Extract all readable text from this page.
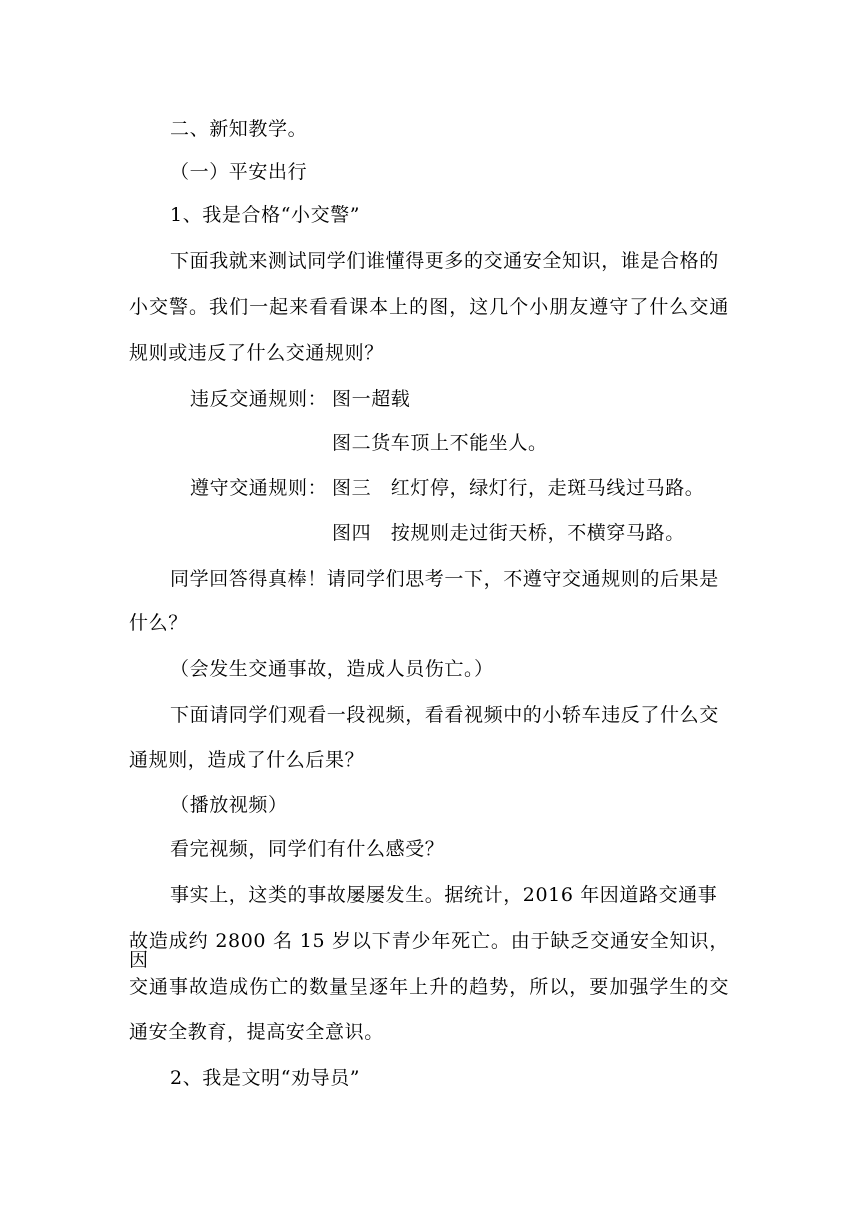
二、新知教学。
（一）平安出行
1、我是合格“小交警”
下面我就来测试同学们谁懂得更多的交通安全知识，谁是合格的
小交警。我们一起来看看课本上的图，这几个小朋友遵守了什么交通
规则或违反了什么交通规则？
违反交通规则： 图一超载
图二货车顶上不能坐人。
遵守交通规则： 图三　红灯停，绿灯行，走斑马线过马路。
图四　按规则走过街天桥，不横穿马路。
同学回答得真棒！请同学们思考一下，不遵守交通规则的后果是
什么？
（会发生交通事故，造成人员伤亡。）
下面请同学们观看一段视频，看看视频中的小轿车违反了什么交
通规则，造成了什么后果？
（播放视频）
看完视频，同学们有什么感受？
事实上，这类的事故屡屡发生。据统计，2016 年因道路交通事
故造成约 2800 名 15 岁以下青少年死亡。由于缺乏交通安全知识，因
交通事故造成伤亡的数量呈逐年上升的趋势，所以，要加强学生的交
通安全教育，提高安全意识。
2、我是文明“劝导员”
